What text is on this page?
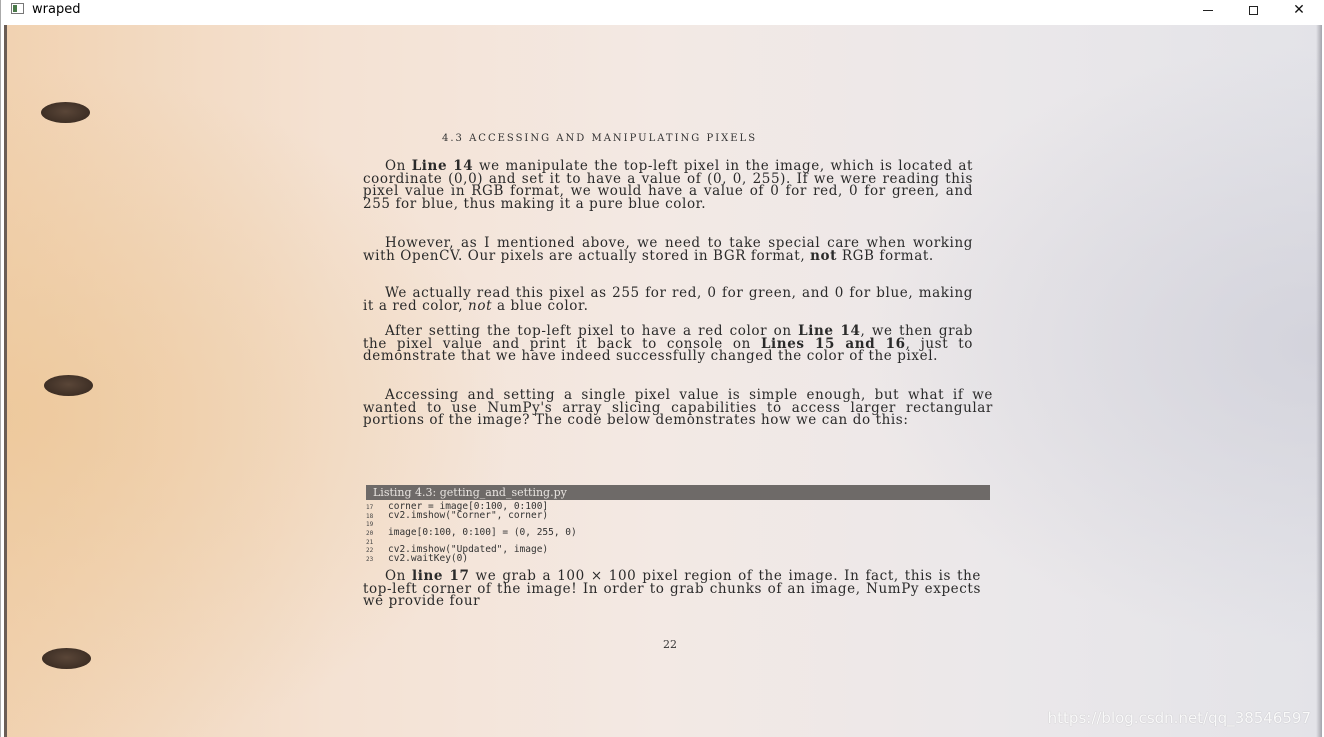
wraped	✕
4.3 ACCESSING AND MANIPULATING PIXELS
On Line 14 we manipulate the top-left pixel in the image, which is located at coordinate (0,0) and set it to have a value of (0, 0, 255). If we were reading this pixel value in RGB format, we would have a value of 0 for red, 0 for green, and 255 for blue, thus making it a pure blue color.
However, as I mentioned above, we need to take special care when working with OpenCV. Our pixels are actually stored in BGR format, not RGB format.
We actually read this pixel as 255 for red, 0 for green, and 0 for blue, making it a red color, not a blue color.
After setting the top-left pixel to have a red color on Line 14, we then grab the pixel value and print it back to console on Lines 15 and 16, just to demonstrate that we have indeed successfully changed the color of the pixel.
Accessing and setting a single pixel value is simple enough, but what if we wanted to use NumPy's array slicing capabilities to access larger rectangular portions of the image? The code below demonstrates how we can do this:
Listing 4.3: getting_and_setting.py
17 corner = image[0:100, 0:100]
18 cv2.imshow("Corner", corner)
19
20 image[0:100, 0:100] = (0, 255, 0)
21
22 cv2.imshow("Updated", image)
23 cv2.waitKey(0)
On line 17 we grab a 100 × 100 pixel region of the image. In fact, this is the top-left corner of the image! In order to grab chunks of an image, NumPy expects we provide four
22
https://blog.csdn.net/qq_38546597
